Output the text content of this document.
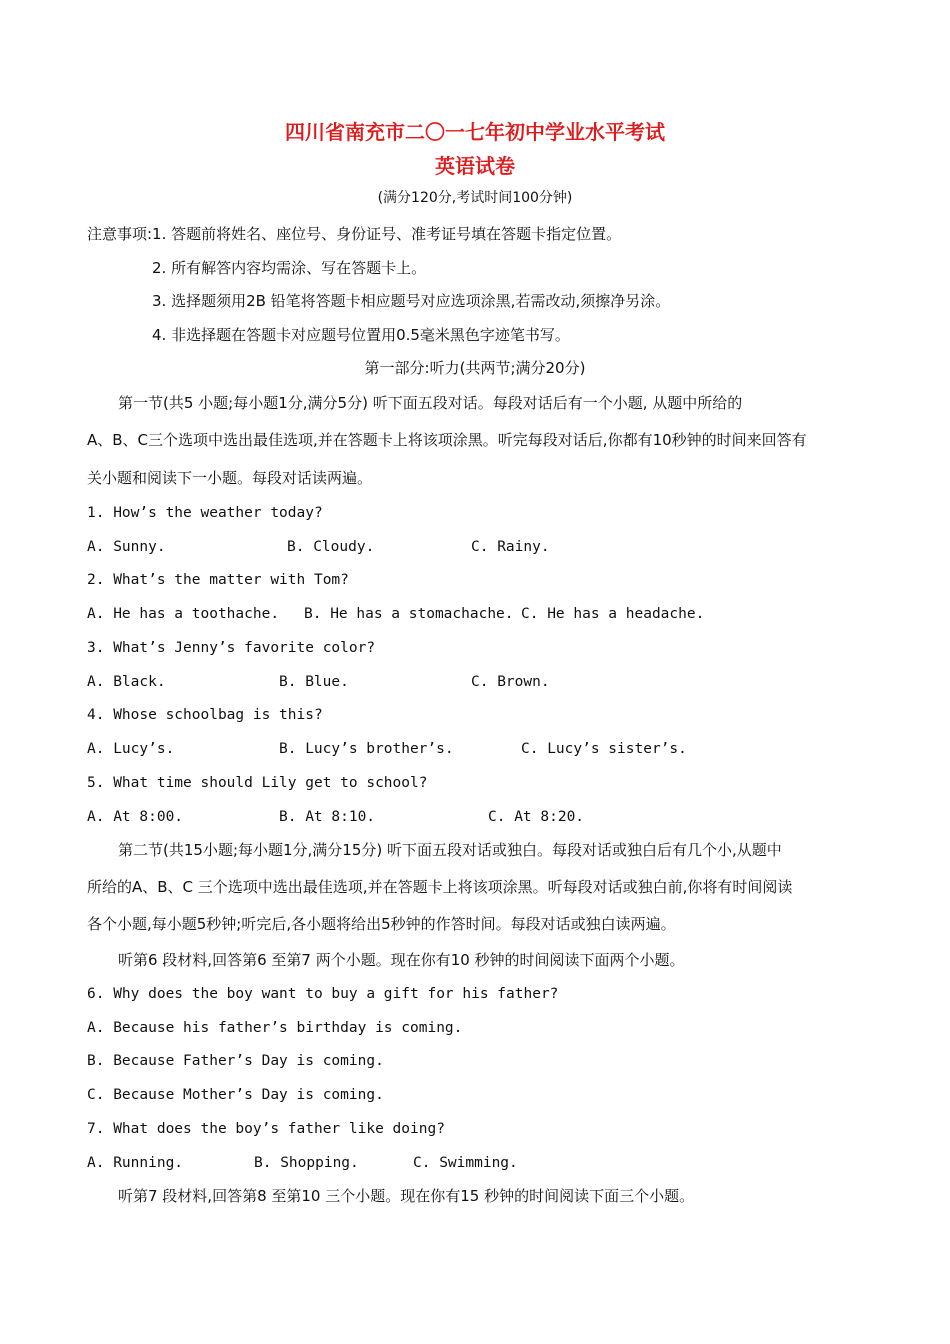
四川省南充市二〇一七年初中学业水平考试
英语试卷
(满分120分,考试时间100分钟)
注意事项:1. 答题前将姓名、座位号、身份证号、准考证号填在答题卡指定位置。
2. 所有解答内容均需涂、写在答题卡上。
3. 选择题须用2B 铅笔将答题卡相应题号对应选项涂黑,若需改动,须擦净另涂。
4. 非选择题在答题卡对应题号位置用0.5毫米黑色字迹笔书写。
第一部分:听力(共两节;满分20分)
第一节(共5 小题;每小题1分,满分5分) 听下面五段对话。每段对话后有一个小题, 从题中所给的
A、B、C三个选项中选出最佳选项,并在答题卡上将该项涂黑。听完每段对话后,你都有10秒钟的时间来回答有
关小题和阅读下一小题。每段对话读两遍。
1. How’s the weather today?
A. Sunny.	B. Cloudy.	C. Rainy.
2. What’s the matter with Tom?
A. He has a toothache. B. He has a stomachache. C. He has a headache.
3. What’s Jenny’s favorite color?
A. Black.	B. Blue.	C. Brown.
4. Whose schoolbag is this?
A. Lucy’s.	B. Lucy’s brother’s.	C. Lucy’s sister’s.
5. What time should Lily get to school?
A. At 8:00.	B. At 8:10.	C. At 8:20.
第二节(共15小题;每小题1分,满分15分) 听下面五段对话或独白。每段对话或独白后有几个小,从题中
所给的A、B、C 三个选项中选出最佳选项,并在答题卡上将该项涂黑。听每段对话或独白前,你将有时间阅读
各个小题,每小题5秒钟;听完后,各小题将给出5秒钟的作答时间。每段对话或独白读两遍。
听第6 段材料,回答第6 至第7 两个小题。现在你有10 秒钟的时间阅读下面两个小题。
6. Why does the boy want to buy a gift for his father?
A. Because his father’s birthday is coming.
B. Because Father’s Day is coming.
C. Because Mother’s Day is coming.
7. What does the boy’s father like doing?
A. Running.	B. Shopping.	C. Swimming.
听第7 段材料,回答第8 至第10 三个小题。现在你有15 秒钟的时间阅读下面三个小题。
